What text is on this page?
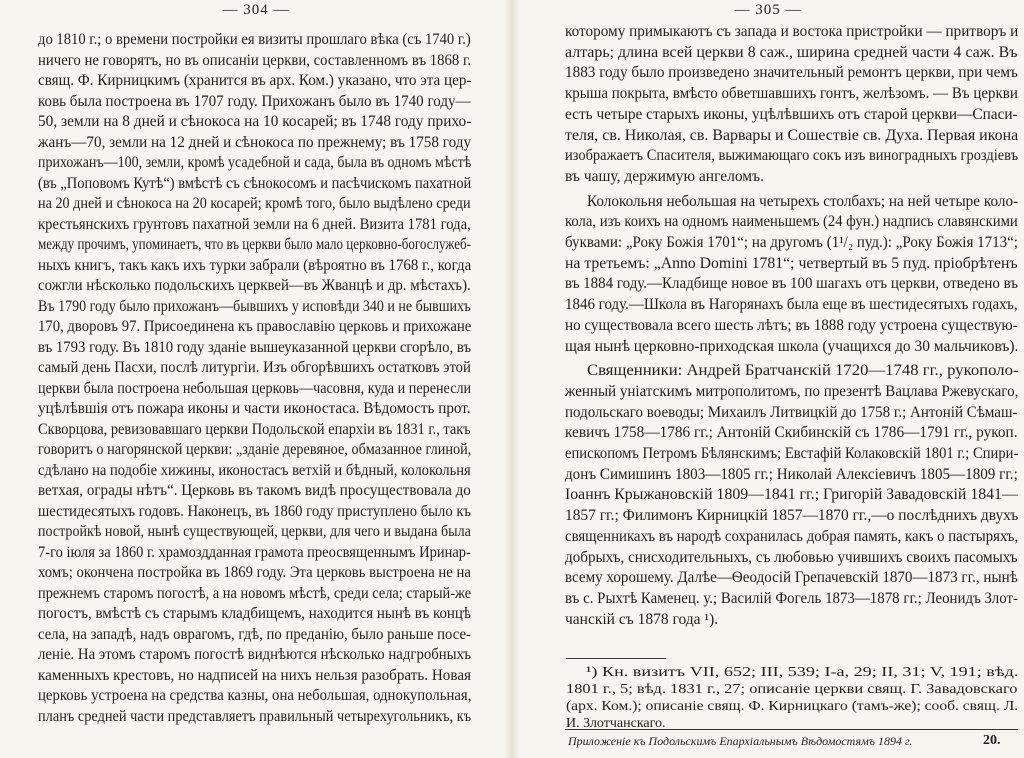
— 304 —
до 1810 г.; о времени постройки ея визиты прошлаго вѣка (съ 1740 г.)
ничего не говорятъ, но въ описаніи церкви, составленномъ въ 1868 г.
свящ. Ф. Кирницкимъ (хранится въ арх. Ком.) указано, что эта цер-
ковь была построена въ 1707 году. Прихожанъ было въ 1740 году—
50, земли на 8 дней и сѣнокоса на 10 косарей; въ 1748 году прихо-
жанъ—70, земли на 12 дней и сѣнокоса по прежнему; въ 1758 году
прихожанъ—100, земли, кромѣ усадебной и сада, была въ одномъ мѣстѣ
(въ „Поповомъ Кутѣ“) вмѣстѣ съ сѣнокосомъ и пасѣчискомъ пахатной
на 20 дней и сѣнокоса на 20 косарей; кромѣ того, было выдѣлено среди
крестьянскихъ грунтовъ пахатной земли на 6 дней. Визита 1781 года,
между прочимъ, упоминаетъ, что въ церкви было мало церковно-богослужеб-
ныхъ книгъ, такъ какъ ихъ турки забрали (вѣроятно въ 1768 г., когда
сожгли нѣсколько подольскихъ церквей—въ Жванцѣ и др. мѣстахъ).
Въ 1790 году было прихожанъ—бывшихъ у исповѣди 340 и не бывшихъ
170, дворовъ 97. Присоединена къ православію церковь и прихожане
въ 1793 году. Въ 1810 году зданіе вышеуказанной церкви сгорѣло, въ
самый день Пасхи, послѣ литургіи. Изъ обгорѣвшихъ остатковъ этой
церкви была построена небольшая церковь—часовня, куда и перенесли
уцѣлѣвшія отъ пожара иконы и части иконостаса. Вѣдомость прот.
Скворцова, ревизовавшаго церкви Подольской епархіи въ 1831 г., такъ
говоритъ о нагорянской церкви: „зданіе деревяное, обмазанное глиной,
сдѣлано на подобіе хижины, иконостасъ ветхій и бѣдный, колокольня
ветхая, ограды нѣтъ“. Церковь въ такомъ видѣ просуществовала до
шестидесятыхъ годовъ. Наконецъ, въ 1860 году приступлено было къ
постройкѣ новой, нынѣ существующей, церкви, для чего и выдана была
7-го іюля за 1860 г. храмоздданная грамота преосвященнымъ Иринар-
хомъ; окончена постройка въ 1869 году. Эта церковь выстроена не на
прежнемъ старомъ погостѣ, а на новомъ мѣстѣ, среди села; старый-же
погостъ, вмѣстѣ съ старымъ кладбищемъ, находится нынѣ въ концѣ
села, на западѣ, надъ оврагомъ, гдѣ, по преданію, было раньше посе-
леніе. На этомъ старомъ погостѣ виднѣются нѣсколько надгробныхъ
каменныхъ крестовъ, но надписей на нихъ нельзя разобрать. Новая
церковь устроена на средства казны, она небольшая, однокупольная,
планъ средней части представляетъ правильный четырехугольникъ, къ
— 305 —
которому примыкаютъ съ запада и востока пристройки — притворъ и
алтарь; длина всей церкви 8 саж., ширина средней части 4 саж. Въ
1883 году было произведено значительный ремонтъ церкви, при чемъ
крыша покрыта, вмѣсто обветшавшихъ гонтъ, желѣзомъ. — Въ церкви
есть четыре старыхъ иконы, уцѣлѣвшихъ отъ старой церкви—Спаси-
теля, св. Николая, св. Варвары и Сошествіе св. Духа. Первая икона
изображаетъ Спасителя, выжимающаго сокъ изъ виноградныхъ гроздіевъ
въ чашу, держимую ангеломъ.
Колокольня небольшая на четырехъ столбахъ; на ней четыре коло-
кола, изъ коихъ на одномъ наименьшемъ (24 фун.) надпись славянскими
буквами: „Року Божія 1701“; на другомъ (1¹/₂ пуд.): „Року Божія 1713“;
на третьемъ: „Anno Domini 1781“; четвертый въ 5 пуд. пріобрѣтенъ
въ 1884 году.—Кладбище новое въ 100 шагахъ отъ церкви, отведено въ
1846 году.—Школа въ Нагорянахъ была еще въ шестидесятыхъ годахъ,
но существовала всего шесть лѣтъ; въ 1888 году устроена существую-
щая нынѣ церковно-приходская школа (учащихся до 30 мальчиковъ).
Священники: Андрей Братчанскій 1720—1748 гг., рукополо-
женный уніатскимъ митрополитомъ, по презентѣ Вацлава Ржевускаго,
подольскаго воеводы; Михаилъ Литвицкій до 1758 г.; Антоній Сѣмаш-
кевичъ 1758—1786 гг.; Антоній Скибинскій съ 1786—1791 гг., рукоп.
епископомъ Петромъ Бѣлянскимъ; Евстафій Колаковскій 1801 г.; Спири-
донъ Симишинъ 1803—1805 гг.; Николай Алексіевичъ 1805—1809 гг.;
Іоаннъ Крыжановскій 1809—1841 гг.; Григорій Завадовскій 1841—
1857 гг.; Филимонъ Кирницкій 1857—1870 гг.,—о послѣднихъ двухъ
священникахъ въ народѣ сохранилась добрая память, какъ о пастыряхъ,
добрыхъ, снисходительныхъ, съ любовью учившихъ своихъ пасомыхъ
всему хорошему. Далѣе—Ѳеодосій Грепачевскій 1870—1873 гг., нынѣ
въ с. Рыхтѣ Каменец. у.; Василій Фогель 1873—1878 гг.; Леонидъ Злот-
чанскій съ 1878 года ¹).
¹) Кн. визитъ VII, 652; III, 539; I-a, 29; II, 31; V, 191; вѣд.
1801 г., 5; вѣд. 1831 г., 27; описаніе церкви свящ. Г. Завадовскаго
(арх. Ком.); описаніе свящ. Ф. Кирницкаго (тамъ-же); сооб. свящ. Л.
И. Злотчанскаго.
Приложеніе къ Подольскимъ Епархіальнымъ Вѣдомостямъ 1894 г.	20.
